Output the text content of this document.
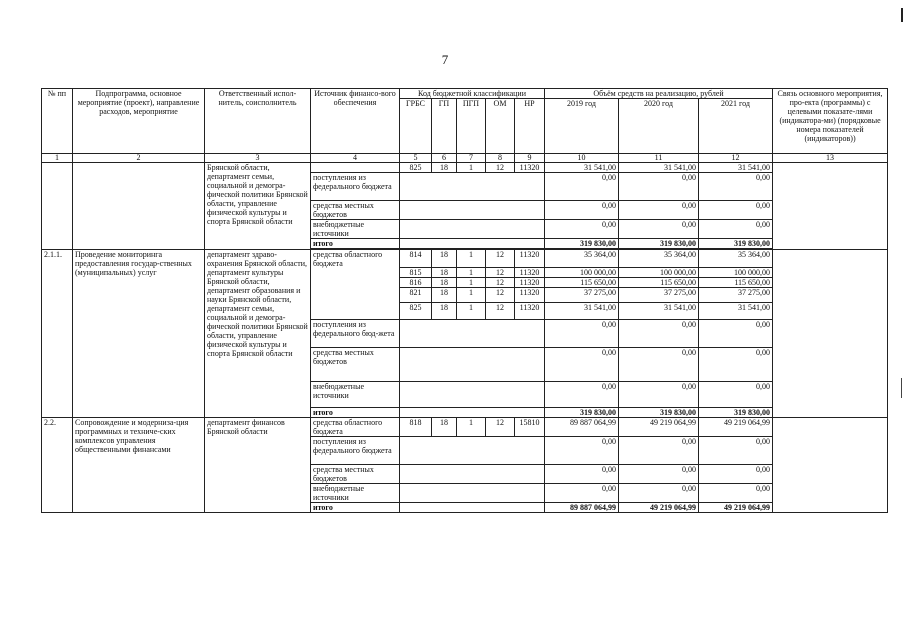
7
№ пп	Подпрограмма, основное мероприятие (проект), направление расходов, мероприятие	Ответственный испол-нитель, соисполнитель	Источник финансо-вого обеспечения	Код бюджетной классификации					Объём средств на реализацию, рублей			Связь основного мероприятия, про-екта (программы) с целевыми показате-лями (индикатора-ми) (порядковые номера показателей (индикаторов))
				ГРБС	ГП	ПГП	ОМ	НР	2019 год	2020 год	2021 год	
1	2	3	4	5	6	7	8	9	10	11	12	13
		Брянской области, департамент семьи, социальной и демогра-фической политики Брянской области, управление физической культуры и спорта Брянской области		825	18	1	12	11320	31 541,00	31 541,00	31 541,00	
			поступления из федерального бюджета						0,00	0,00	0,00	
			средства местных бюджетов						0,00	0,00	0,00	
			внебюджетные источники						0,00	0,00	0,00	
			итого						319 830,00	319 830,00	319 830,00	

2.1.1.	Проведение мониторинга предоставления государ-ственных (муниципальных) услуг	департамент здраво-охранения Брянской области, департамент культуры Брянской области, департамент образования и науки Брянской области, департамент семьи, социальной и демогра-фической политики Брянской области, управление физической культуры и спорта Брянской области	средства областного бюджета	814	18	1	12	11320	35 364,00	35 364,00	35 364,00	
				815	18	1	12	11320	100 000,00	100 000,00	100 000,00	
				816	18	1	12	11320	115 650,00	115 650,00	115 650,00	
				821	18	1	12	11320	37 275,00	37 275,00	37 275,00	
				825	18	1	12	11320	31 541,00	31 541,00	31 541,00	
			поступления из федерального бюд-жета						0,00	0,00	0,00	
			средства местных бюджетов						0,00	0,00	0,00	
			внебюджетные источники						0,00	0,00	0,00	
			итого						319 830,00	319 830,00	319 830,00	
2.2.	Сопровождение и модерниза-ция программных и техниче-ских комплексов управления общественными финансами	департамент финансов Брянской области	средства областного бюджета	818	18	1	12	15810	89 887 064,99	49 219 064,99	49 219 064,99	
			поступления из федерального бюджета						0,00	0,00	0,00	
			средства местных бюджетов						0,00	0,00	0,00	
			внебюджетные источники						0,00	0,00	0,00	
			итого						89 887 064,99	49 219 064,99	49 219 064,99	
